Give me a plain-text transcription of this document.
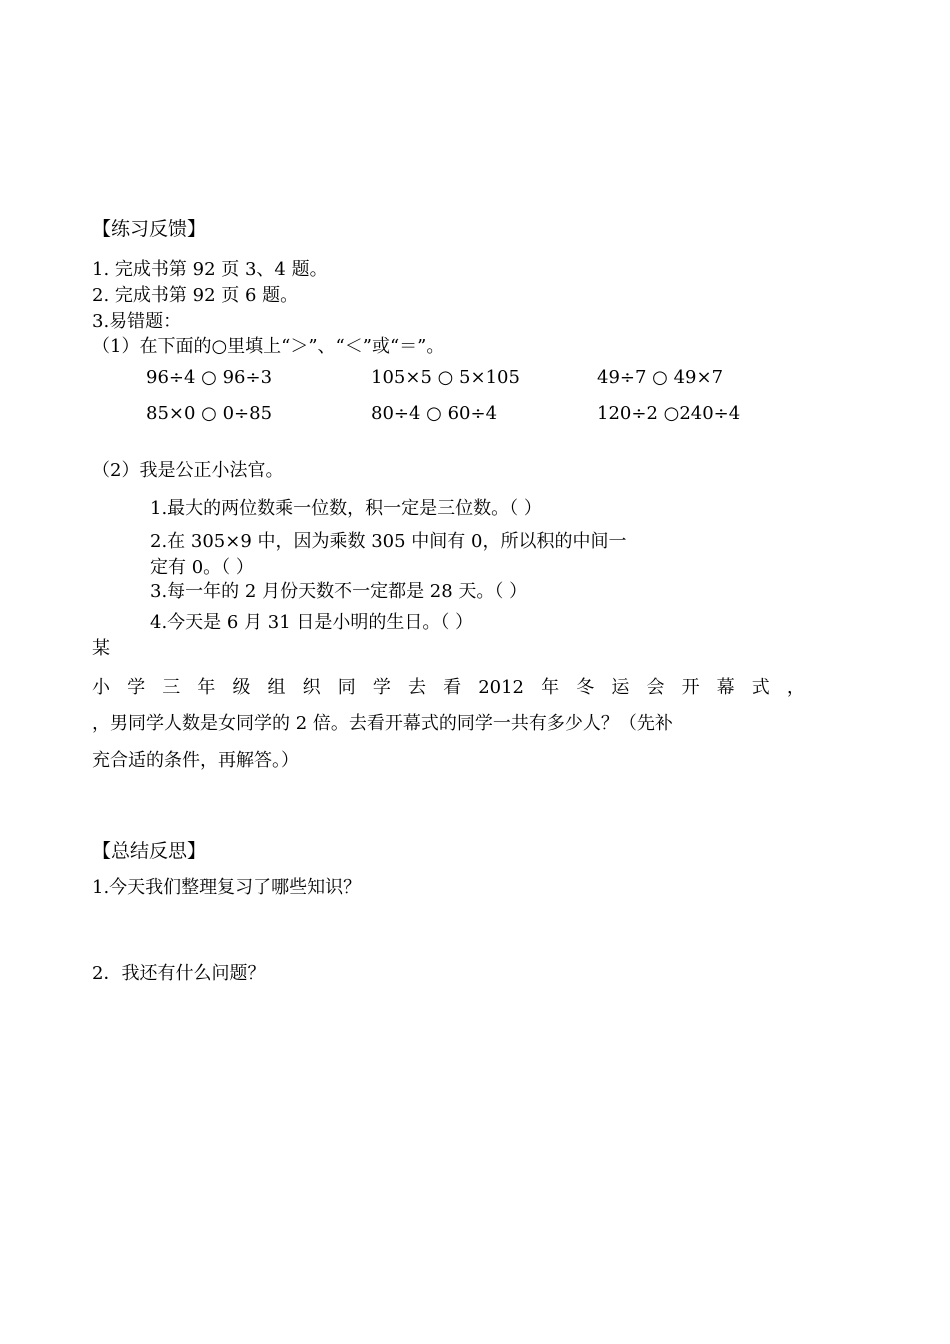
【练习反馈】
1. 完成书第 92 页 3、4 题。
2. 完成书第 92 页 6 题。
3.易错题：
（1）在下面的○里填上“＞”、“＜”或“＝”。
96÷4 ○ 96÷3	105×5 ○ 5×105	49÷7 ○ 49×7
85×0 ○ 0÷85	80÷4 ○ 60÷4	120÷2 ○240÷4
（2）我是公正小法官。
1.最大的两位数乘一位数，积一定是三位数。（ ）
2.在 305×9 中，因为乘数 305 中间有 0，所以积的中间一
定有 0。（ ）
3.每一年的 2 月份天数不一定都是 28 天。（ ）
4.今天是 6 月 31 日是小明的生日。（ ）
某
小 学 三 年 级 组 织 同 学 去 看 2012 年 冬 运 会 开 幕 式 ，
，男同学人数是女同学的 2 倍。去看开幕式的同学一共有多少人？（先补
充合适的条件，再解答。）
【总结反思】
1.今天我们整理复习了哪些知识？
2．我还有什么问题？
